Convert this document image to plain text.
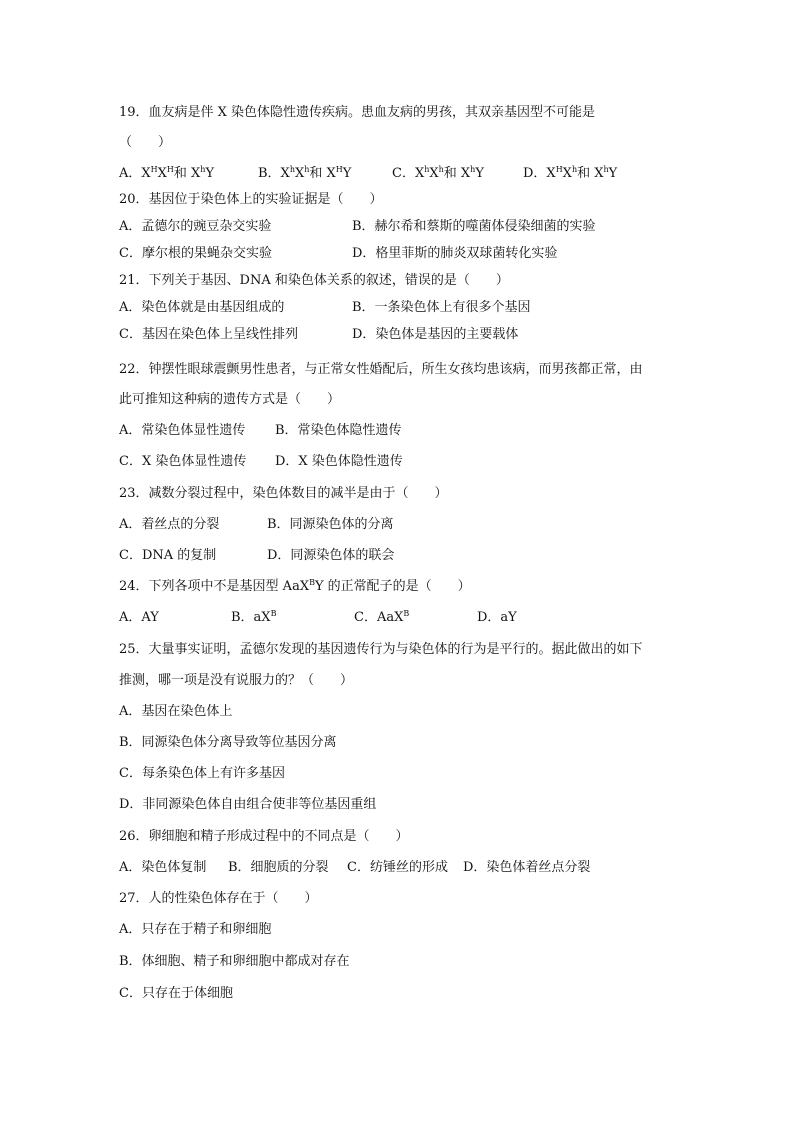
19．血友病是伴 X 染色体隐性遗传疾病。患血友病的男孩，其双亲基因型不可能是
（　　）
A．$X^HX^H$和 $X^hY$	B．$X^hX^h$和 $X^HY$	C．$X^hX^h$和 $X^hY$	D．$X^HX^h$和 $X^hY$
20．基因位于染色体上的实验证据是（　　）
A．孟德尔的豌豆杂交实验	B．赫尔希和蔡斯的噬菌体侵染细菌的实验
C．摩尔根的果蝇杂交实验	D．格里菲斯的肺炎双球菌转化实验
21．下列关于基因、DNA 和染色体关系的叙述，错误的是（　　）
A．染色体就是由基因组成的	B．一条染色体上有很多个基因
C．基因在染色体上呈线性排列	D．染色体是基因的主要载体
22．钟摆性眼球震颤男性患者，与正常女性婚配后，所生女孩均患该病，而男孩都正常，由
此可推知这种病的遗传方式是（　　）
A．常染色体显性遗传 B．常染色体隐性遗传
C．X 染色体显性遗传 D．X 染色体隐性遗传
23．减数分裂过程中，染色体数目的减半是由于（　　）
A．着丝点的分裂	B．同源染色体的分离
C．DNA 的复制	D．同源染色体的联会
24．下列各项中不是基因型 AaX$^B$Y 的正常配子的是（　　）
A．AY	B．$aX^B$	C．AaX$^B$	D．aY
25．大量事实证明，孟德尔发现的基因遗传行为与染色体的行为是平行的。据此做出的如下
推测，哪一项是没有说服力的？（　　）
A．基因在染色体上
B．同源染色体分离导致等位基因分离
C．每条染色体上有许多基因
D．非同源染色体自由组合使非等位基因重组
26．卵细胞和精子形成过程中的不同点是（　　）
A．染色体复制 B．细胞质的分裂 C．纺锤丝的形成 D．染色体着丝点分裂
27．人的性染色体存在于（　　）
A．只存在于精子和卵细胞
B．体细胞、精子和卵细胞中都成对存在
C．只存在于体细胞
